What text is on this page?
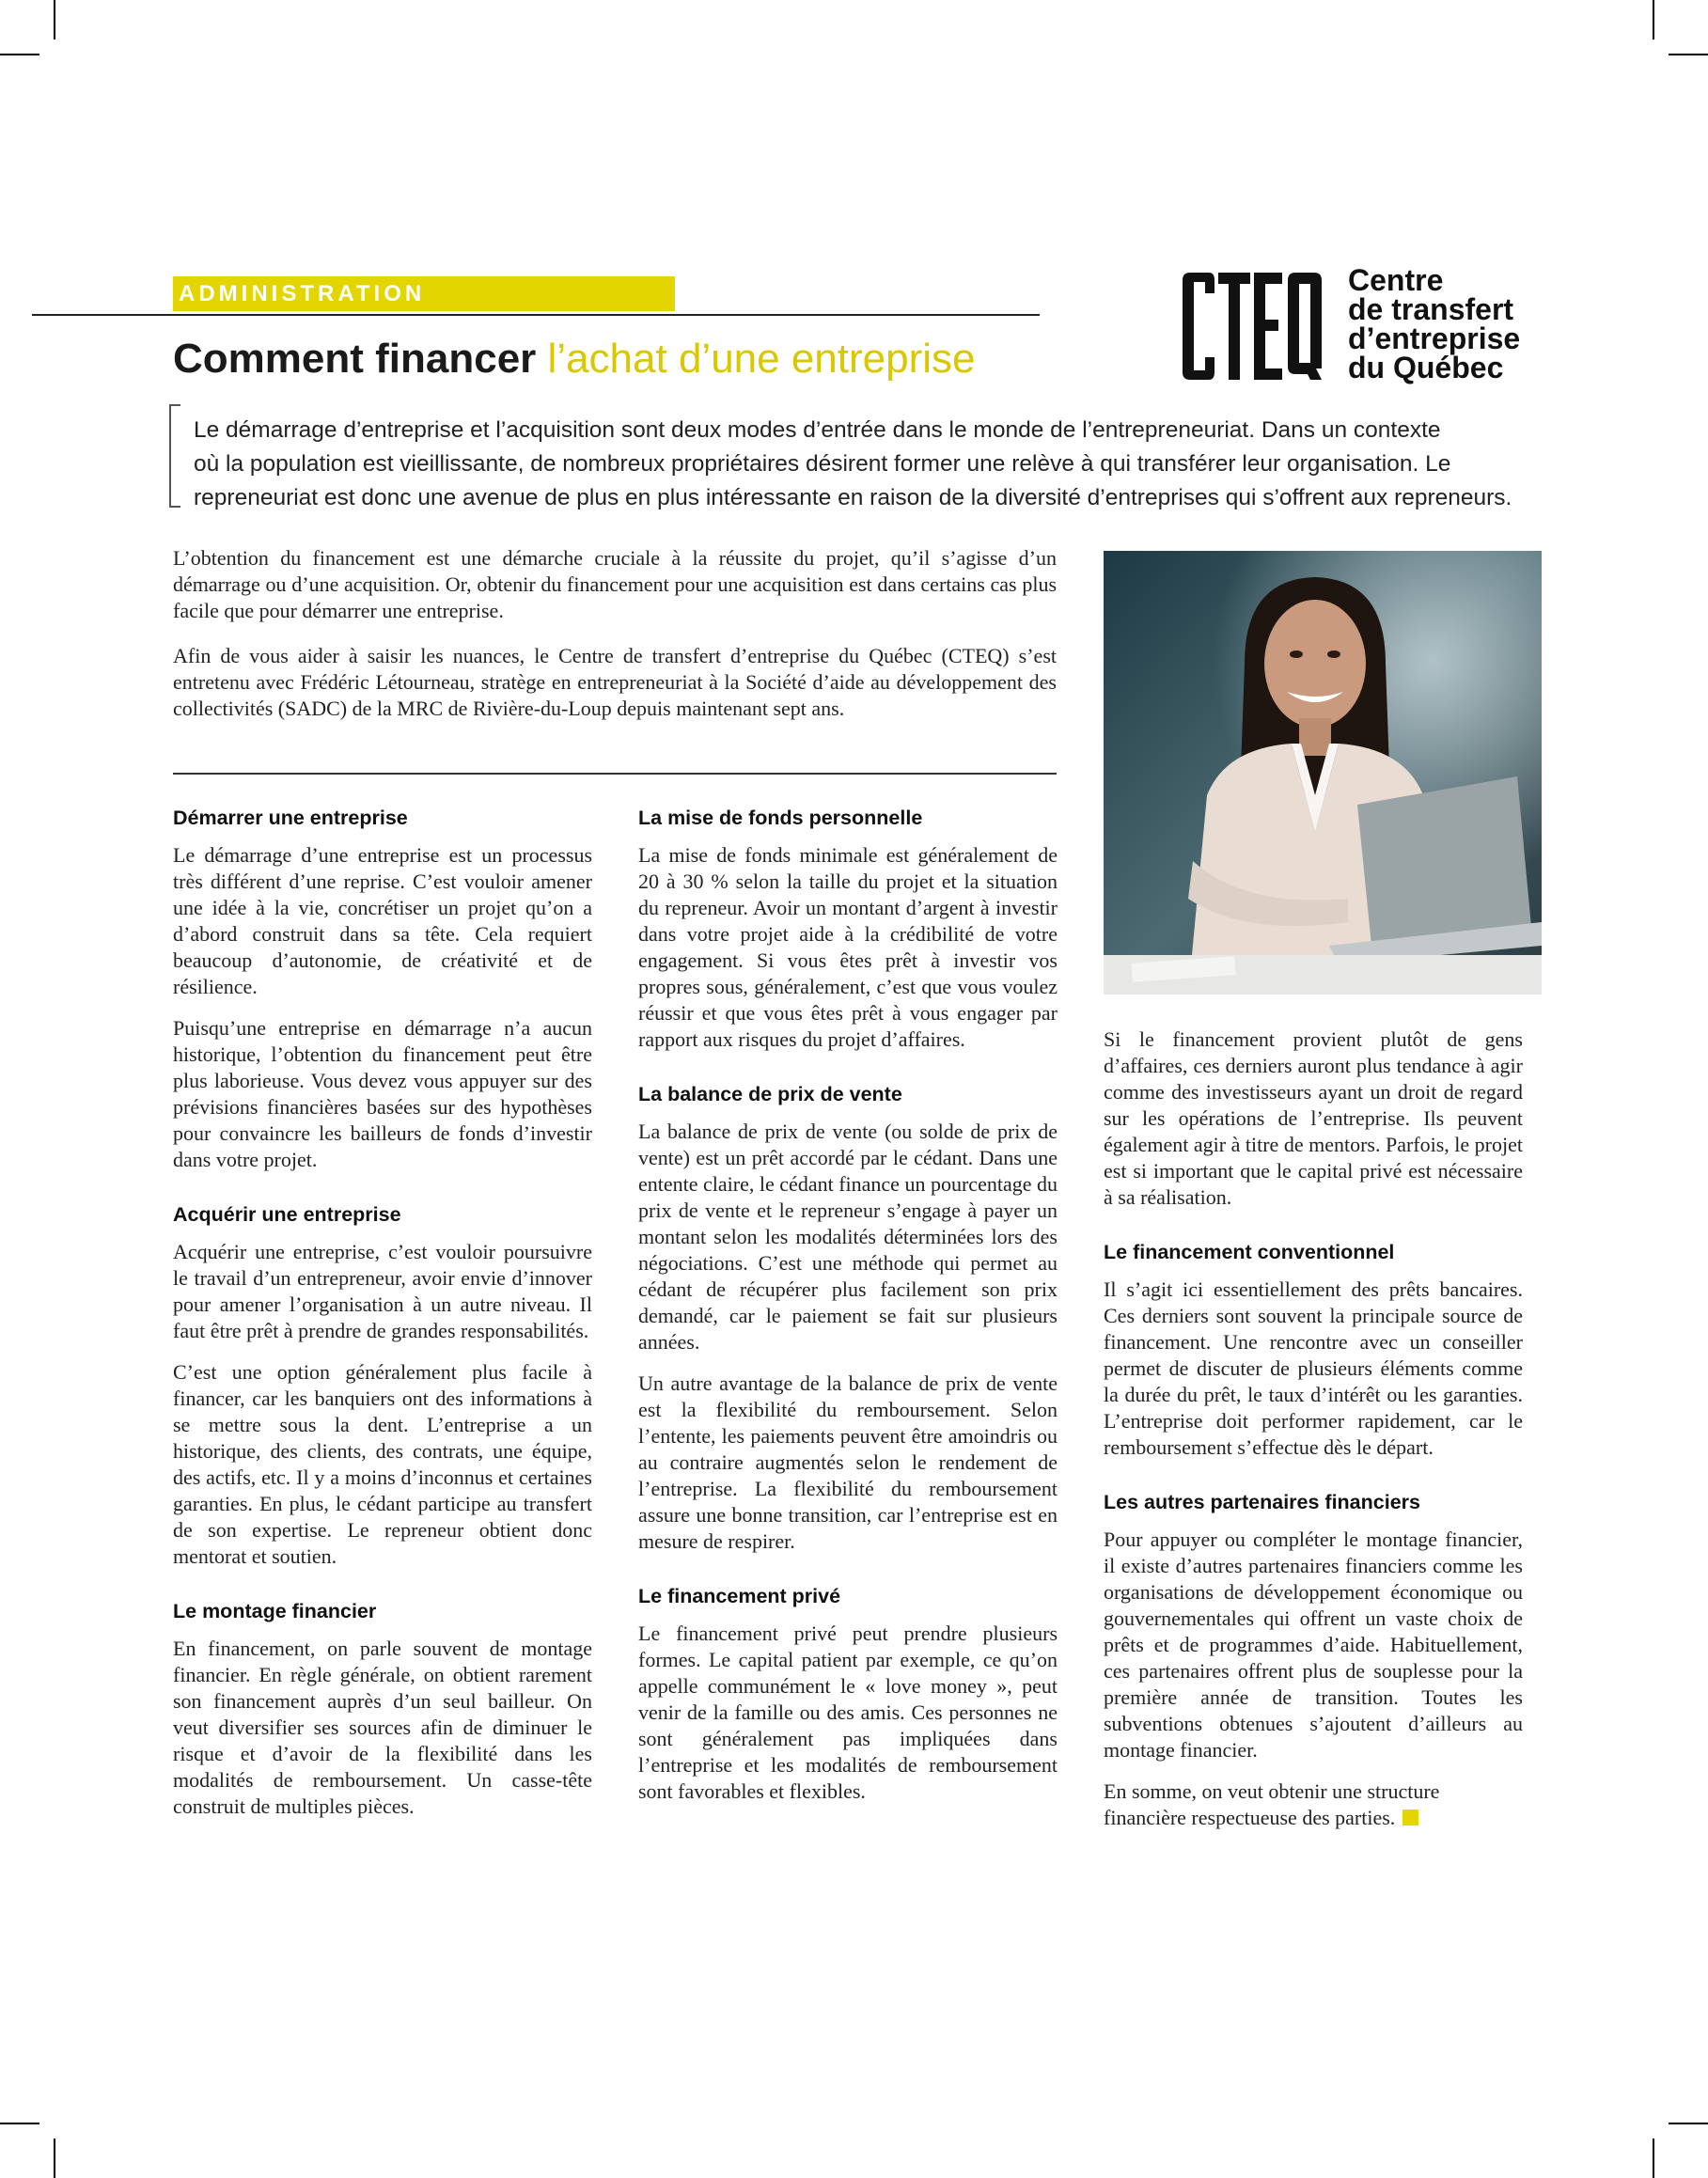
ADMINISTRATION
Comment financer l’achat d’une entreprise
Centre
de transfert
d’entreprise
du Québec
Le démarrage d’entreprise et l’acquisition sont deux modes d’entrée dans le monde de l’entrepreneuriat. Dans un contexte
où la population est vieillissante, de nombreux propriétaires désirent former une relève à qui transférer leur organisation. Le
repreneuriat est donc une avenue de plus en plus intéressante en raison de la diversité d’entreprises qui s’offrent aux repreneurs.

L’obtention du financement est une démarche cruciale à la réussite du projet, qu’il s’agisse d’un démarrage ou d’une acquisition. Or, obtenir du financement pour une acquisition est dans certains cas plus facile que pour démarrer une entreprise.

Afin de vous aider à saisir les nuances, le Centre de transfert d’entreprise du Québec (CTEQ) s’est entretenu avec Frédéric Létourneau, stratège en entrepreneuriat à la Société d’aide au développement des collectivités (SADC) de la MRC de Rivière-du-Loup depuis maintenant sept ans.

Démarrer une entreprise

Le démarrage d’une entreprise est un processus très différent d’une reprise. C’est vouloir amener une idée à la vie, concrétiser un projet qu’on a d’abord construit dans sa tête. Cela requiert beaucoup d’autonomie, de créativité et de résilience.

Puisqu’une entreprise en démarrage n’a aucun historique, l’obtention du financement peut être plus laborieuse. Vous devez vous appuyer sur des prévisions financières basées sur des hypothèses pour convaincre les bailleurs de fonds d’investir dans votre projet.

Acquérir une entreprise

Acquérir une entreprise, c’est vouloir poursuivre le travail d’un entrepreneur, avoir envie d’innover pour amener l’organisation à un autre niveau. Il faut être prêt à prendre de grandes responsabilités.

C’est une option généralement plus facile à financer, car les banquiers ont des informations à se mettre sous la dent. L’entreprise a un historique, des clients, des contrats, une équipe, des actifs, etc. Il y a moins d’inconnus et certaines garanties. En plus, le cédant participe au transfert de son expertise. Le repreneur obtient donc mentorat et soutien.

Le montage financier

En financement, on parle souvent de montage financier. En règle générale, on obtient rarement son financement auprès d’un seul bailleur. On veut diversifier ses sources afin de diminuer le risque et d’avoir de la flexibilité dans les modalités de remboursement. Un casse-tête construit de multiples pièces.

La mise de fonds personnelle

La mise de fonds minimale est généralement de 20 à 30 % selon la taille du projet et la situation du repreneur. Avoir un montant d’argent à investir dans votre projet aide à la crédibilité de votre engagement. Si vous êtes prêt à investir vos propres sous, généralement, c’est que vous voulez réussir et que vous êtes prêt à vous engager par rapport aux risques du projet d’affaires.

La balance de prix de vente

La balance de prix de vente (ou solde de prix de vente) est un prêt accordé par le cédant. Dans une entente claire, le cédant finance un pourcentage du prix de vente et le repreneur s’engage à payer un montant selon les modalités déterminées lors des négociations. C’est une méthode qui permet au cédant de récupérer plus facilement son prix demandé, car le paiement se fait sur plusieurs années.

Un autre avantage de la balance de prix de vente est la flexibilité du remboursement. Selon l’entente, les paiements peuvent être amoindris ou au contraire augmentés selon le rendement de l’entreprise. La flexibilité du remboursement assure une bonne transition, car l’entreprise est en mesure de respirer.

Le financement privé

Le financement privé peut prendre plusieurs formes. Le capital patient par exemple, ce qu’on appelle communément le « love money », peut venir de la famille ou des amis. Ces personnes ne sont généralement pas impliquées dans l’entreprise et les modalités de remboursement sont favorables et flexibles.

Si le financement provient plutôt de gens d’affaires, ces derniers auront plus tendance à agir comme des investisseurs ayant un droit de regard sur les opérations de l’entreprise. Ils peuvent également agir à titre de mentors. Parfois, le projet est si important que le capital privé est nécessaire à sa réalisation.

Le financement conventionnel

Il s’agit ici essentiellement des prêts bancaires. Ces derniers sont souvent la principale source de financement. Une rencontre avec un conseiller permet de discuter de plusieurs éléments comme la durée du prêt, le taux d’intérêt ou les garanties. L’entreprise doit performer rapidement, car le remboursement s’effectue dès le départ.

Les autres partenaires financiers

Pour appuyer ou compléter le montage financier, il existe d’autres partenaires financiers comme les organisations de développement économique ou gouvernementales qui offrent un vaste choix de prêts et de programmes d’aide. Habituellement, ces partenaires offrent plus de souplesse pour la première année de transition. Toutes les subventions obtenues s’ajoutent d’ailleurs au montage financier.

En somme, on veut obtenir une structure financière respectueuse des parties.
